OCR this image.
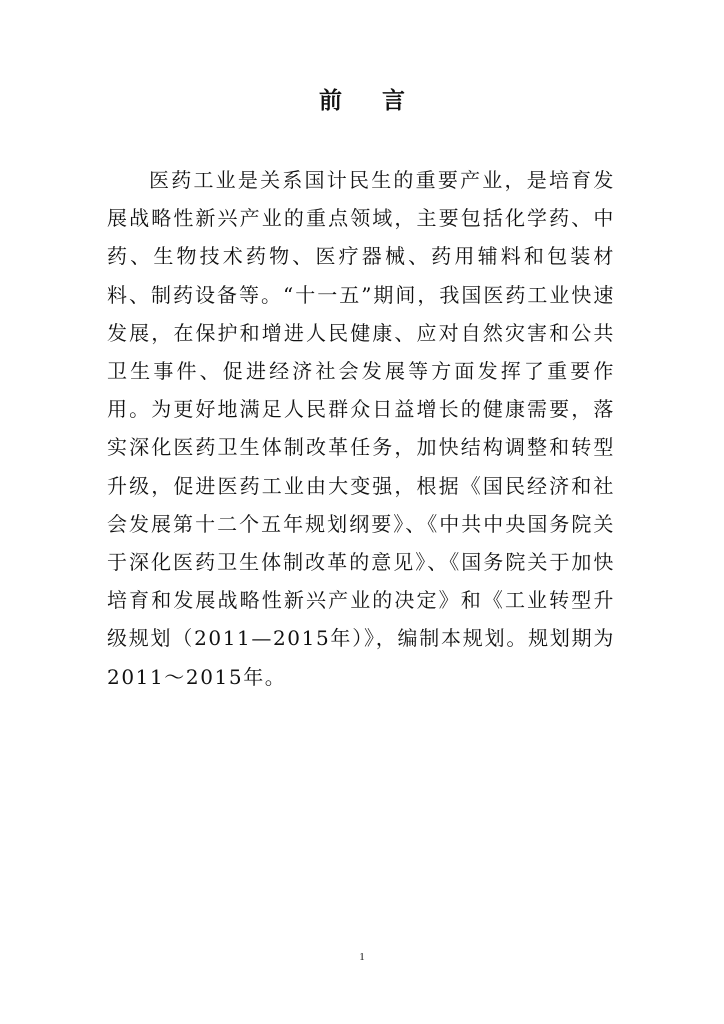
前言

医药工业是关系国计民生的重要产业，是培育发展战略性新兴产业的重点领域，主要包括化学药、中药、生物技术药物、医疗器械、药用辅料和包装材料、制药设备等。“十一五”期间，我国医药工业快速发展，在保护和增进人民健康、应对自然灾害和公共卫生事件、促进经济社会发展等方面发挥了重要作用。为更好地满足人民群众日益增长的健康需要，落实深化医药卫生体制改革任务，加快结构调整和转型升级，促进医药工业由大变强，根据《国民经济和社会发展第十二个五年规划纲要》、《中共中央国务院关于深化医药卫生体制改革的意见》、《国务院关于加快培育和发展战略性新兴产业的决定》和《工业转型升级规划（2011—2015年）》，编制本规划。规划期为2011～2015年。

1
